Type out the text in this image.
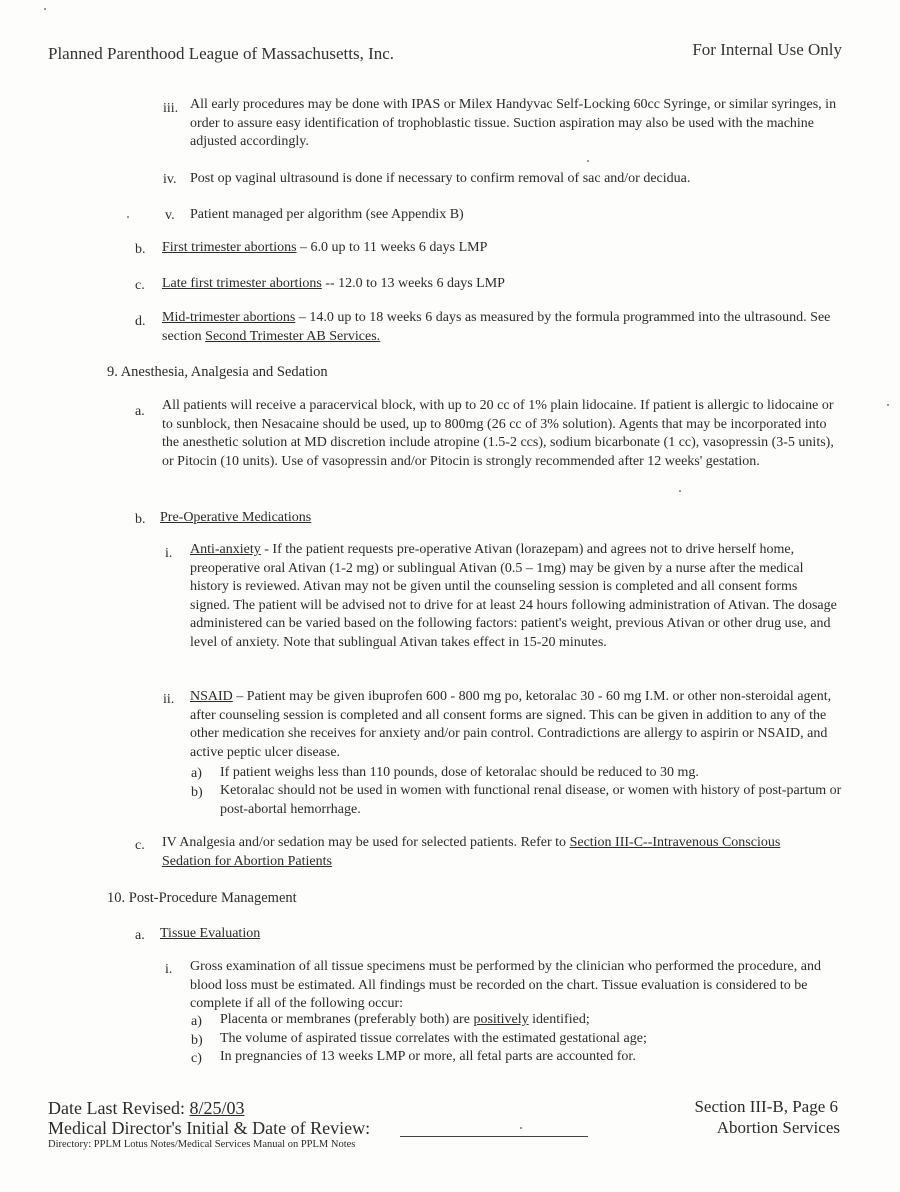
Planned Parenthood League of Massachusetts, Inc.	For Internal Use Only
iii. All early procedures may be done with IPAS or Milex Handyvac Self-Locking 60cc Syringe, or similar syringes, in order to assure easy identification of trophoblastic tissue. Suction aspiration may also be used with the machine adjusted accordingly.
iv. Post op vaginal ultrasound is done if necessary to confirm removal of sac and/or decidua.
v. Patient managed per algorithm (see Appendix B)
b. First trimester abortions – 6.0 up to 11 weeks 6 days LMP
c. Late first trimester abortions -- 12.0 to 13 weeks 6 days LMP
d. Mid-trimester abortions – 14.0 up to 18 weeks 6 days as measured by the formula programmed into the ultrasound. See section Second Trimester AB Services.
9. Anesthesia, Analgesia and Sedation
a. All patients will receive a paracervical block, with up to 20 cc of 1% plain lidocaine. If patient is allergic to lidocaine or to sunblock, then Nesacaine should be used, up to 800mg (26 cc of 3% solution). Agents that may be incorporated into the anesthetic solution at MD discretion include atropine (1.5-2 ccs), sodium bicarbonate (1 cc), vasopressin (3-5 units), or Pitocin (10 units). Use of vasopressin and/or Pitocin is strongly recommended after 12 weeks' gestation.
b. Pre-Operative Medications
i. Anti-anxiety - If the patient requests pre-operative Ativan (lorazepam) and agrees not to drive herself home, preoperative oral Ativan (1-2 mg) or sublingual Ativan (0.5 – 1mg) may be given by a nurse after the medical history is reviewed. Ativan may not be given until the counseling session is completed and all consent forms signed. The patient will be advised not to drive for at least 24 hours following administration of Ativan. The dosage administered can be varied based on the following factors: patient's weight, previous Ativan or other drug use, and level of anxiety. Note that sublingual Ativan takes effect in 15-20 minutes.
ii. NSAID – Patient may be given ibuprofen 600 - 800 mg po, ketoralac 30 - 60 mg I.M. or other non-steroidal agent, after counseling session is completed and all consent forms are signed. This can be given in addition to any of the other medication she receives for anxiety and/or pain control. Contradictions are allergy to aspirin or NSAID, and active peptic ulcer disease.
a) If patient weighs less than 110 pounds, dose of ketoralac should be reduced to 30 mg.
b) Ketoralac should not be used in women with functional renal disease, or women with history of post-partum or post-abortal hemorrhage.
c. IV Analgesia and/or sedation may be used for selected patients. Refer to Section III-C--Intravenous Conscious Sedation for Abortion Patients
10. Post-Procedure Management
a. Tissue Evaluation
i. Gross examination of all tissue specimens must be performed by the clinician who performed the procedure, and blood loss must be estimated. All findings must be recorded on the chart. Tissue evaluation is considered to be complete if all of the following occur:
a) Placenta or membranes (preferably both) are positively identified;
b) The volume of aspirated tissue correlates with the estimated gestational age;
c) In pregnancies of 13 weeks LMP or more, all fetal parts are accounted for.
Date Last Revised: 8/25/03
Medical Director's Initial & Date of Review:
Directory: PPLM Lotus Notes/Medical Services Manual on PPLM Notes
Section III-B, Page 6
Abortion Services
